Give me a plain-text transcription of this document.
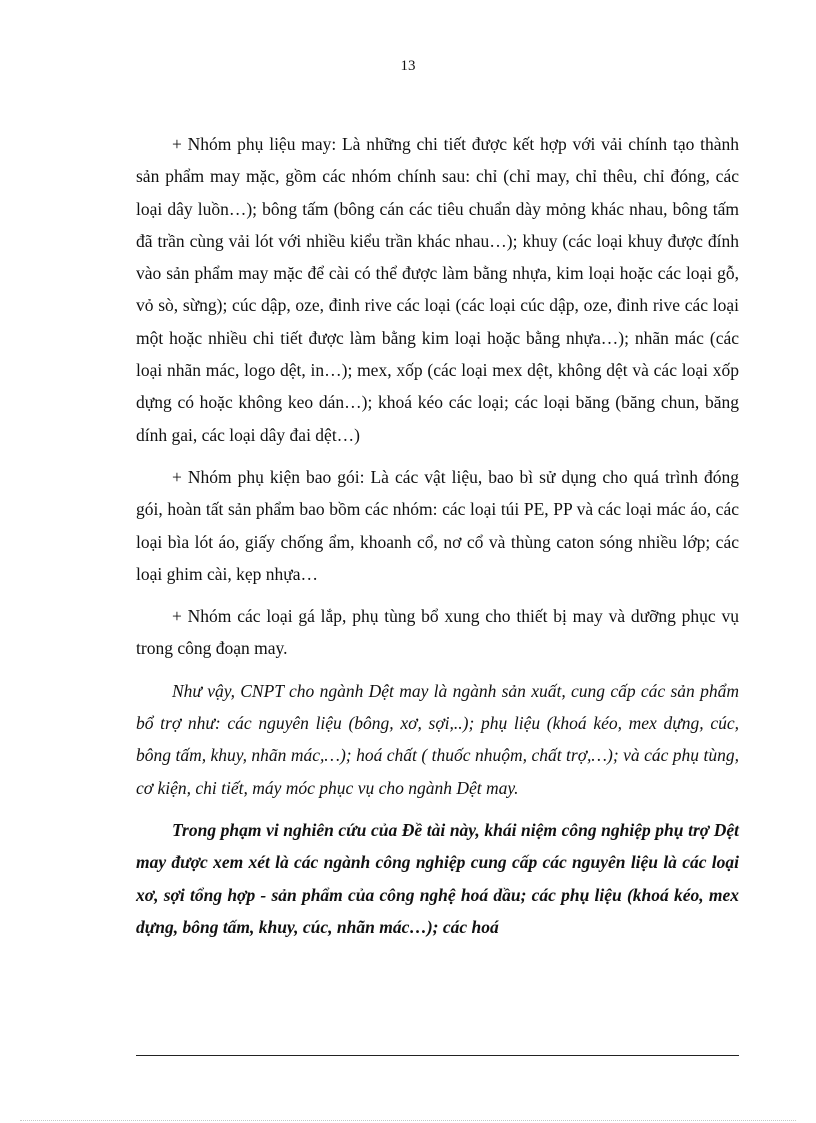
13

+ Nhóm phụ liệu may: Là những chi tiết được kết hợp với vải chính tạo thành sản phẩm may mặc, gồm các nhóm chính sau: chỉ (chỉ may, chỉ thêu, chỉ đóng, các loại dây luồn…); bông tấm (bông cán các tiêu chuẩn dày mỏng khác nhau, bông tấm đã trần cùng vải lót với nhiều kiểu trần khác nhau…); khuy (các loại khuy được đính vào sản phẩm may mặc để cài có thể được làm bằng nhựa, kim loại hoặc các loại gỗ, vỏ sò, sừng); cúc dập, oze, đinh rive các loại (các loại cúc dập, oze, đinh rive các loại một hoặc nhiều chi tiết được làm bằng kim loại hoặc bằng nhựa…); nhãn mác (các loại nhãn mác, logo dệt, in…); mex, xốp (các loại mex dệt, không dệt và các loại xốp dựng có hoặc không keo dán…); khoá kéo các loại; các loại băng (băng chun, băng dính gai, các loại dây đai dệt…)

+ Nhóm phụ kiện bao gói: Là các vật liệu, bao bì sử dụng cho quá trình đóng gói, hoàn tất sản phẩm bao bồm các nhóm: các loại túi PE, PP và các loại mác áo, các loại bìa lót áo, giấy chống ẩm, khoanh cổ, nơ cổ và thùng caton sóng nhiều lớp; các loại ghim cài, kẹp nhựa…

+ Nhóm các loại gá lắp, phụ tùng bổ xung cho thiết bị may và dưỡng phục vụ trong công đoạn may.

Như vậy, CNPT cho ngành Dệt may là ngành sản xuất, cung cấp các sản phẩm bổ trợ như: các nguyên liệu (bông, xơ, sợi,..); phụ liệu (khoá kéo, mex dựng, cúc, bông tấm, khuy, nhãn mác,…); hoá chất ( thuốc nhuộm, chất trợ,…); và các phụ tùng, cơ kiện, chi tiết, máy móc phục vụ cho ngành Dệt may.

Trong phạm vi nghiên cứu của Đề tài này, khái niệm công nghiệp phụ trợ Dệt may được xem xét là các ngành công nghiệp cung cấp các nguyên liệu là các loại xơ, sợi tổng hợp - sản phẩm của công nghệ hoá dầu; các phụ liệu (khoá kéo, mex dựng, bông tấm, khuy, cúc, nhãn mác…); các hoá
